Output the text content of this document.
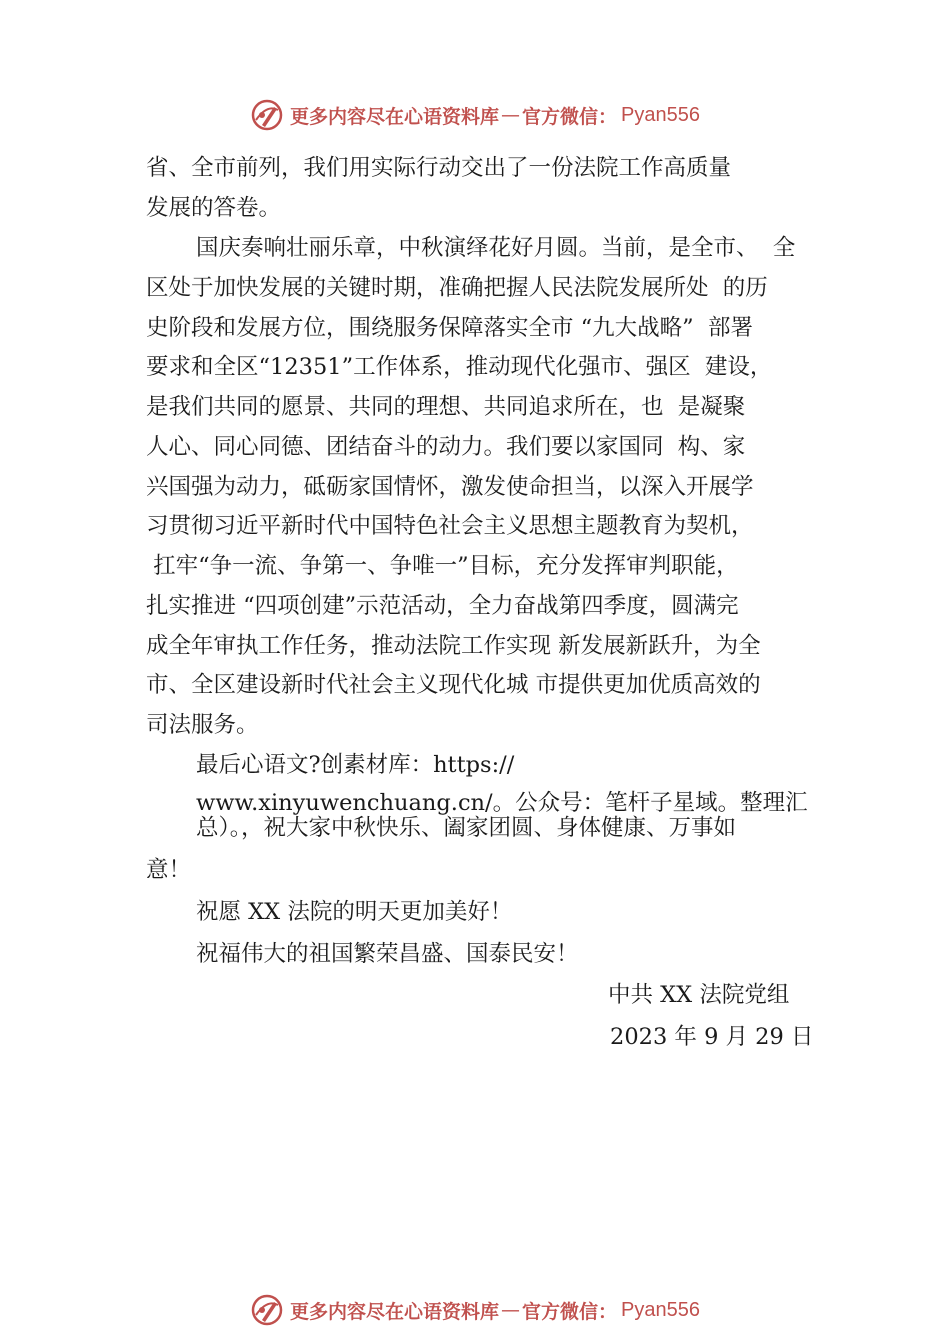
更多内容尽在心语资料库 — 官方微信： Pyan556
省、全市前列，我们用实际行动交出了一份法院工作高质量
发展的答卷。
国庆奏响壮丽乐章，中秋演绎花好月圆。当前，是全市、  全
区处于加快发展的关键时期，准确把握人民法院发展所处  的历
史阶段和发展方位，围绕服务保障落实全市 “九大战略”  部署
要求和全区“12351”工作体系，推动现代化强市、强区  建设，
是我们共同的愿景、共同的理想、共同追求所在，也  是凝聚
人心、同心同德、团结奋斗的动力。我们要以家国同  构、家
兴国强为动力，砥砺家国情怀，激发使命担当，以深入开展学
习贯彻习近平新时代中国特色社会主义思想主题教育为契机，
扛牢“争一流、争第一、争唯一”目标，充分发挥审判职能，
扎实推进 “四项创建”示范活动，全力奋战第四季度，圆满完
成全年审执工作任务，推动法院工作实现 新发展新跃升，为全
市、全区建设新时代社会主义现代化城 市提供更加优质高效的
司法服务。
最后心语文?创素材库：https://
www.xinyuwenchuang.cn/。公众号：笔杆子星域。整理汇
总）。，祝大家中秋快乐、阖家团圆、身体健康、万事如
意！
祝愿 XX 法院的明天更加美好！
祝福伟大的祖国繁荣昌盛、国泰民安！
中共 XX 法院党组
2023 年 9 月 29 日
更多内容尽在心语资料库 — 官方微信： Pyan556
